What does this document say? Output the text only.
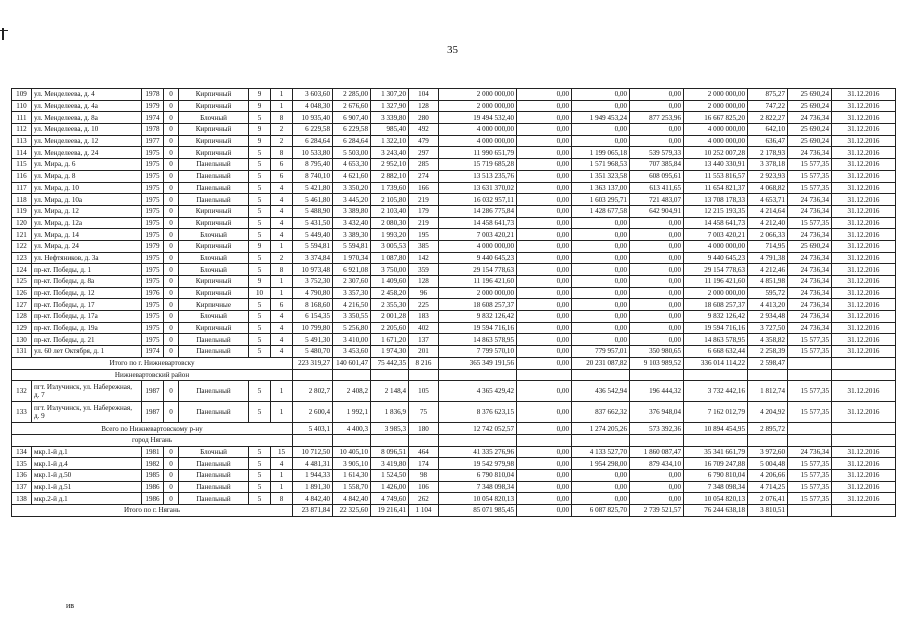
35
109	ул. Менделеева, д. 4	1978	0	Кирпичный	9	1	3 603,60	2 285,00	1 307,20	104	2 000 000,00	0,00	0,00	0,00	2 000 000,00	875,27	25 690,24	31.12.2016
110	ул. Менделеева, д. 4а	1979	0	Кирпичный	9	1	4 048,30	2 676,60	1 327,90	128	2 000 000,00	0,00	0,00	0,00	2 000 000,00	747,22	25 690,24	31.12.2016
111	ул. Менделеева, д. 8а	1974	0	Блочный	5	8	10 935,40	6 907,40	3 339,80	280	19 494 532,40	0,00	1 949 453,24	877 253,96	16 667 825,20	2 822,27	24 736,34	31.12.2016
112	ул. Менделеева, д. 10	1978	0	Кирпичный	9	2	6 229,58	6 229,58	985,40	492	4 000 000,00	0,00	0,00	0,00	4 000 000,00	642,10	25 690,24	31.12.2016
113	ул. Менделеева, д. 12	1977	0	Кирпичный	9	2	6 284,64	6 284,64	1 322,10	479	4 000 000,00	0,00	0,00	0,00	4 000 000,00	636,47	25 690,24	31.12.2016
114	ул. Менделеева, д. 24	1975	0	Кирпичный	5	8	10 533,80	5 503,00	3 243,40	297	11 990 651,79	0,00	1 199 065,18	539 579,33	10 252 007,28	2 178,93	24 736,34	31.12.2016
115	ул. Мира, д. 6	1975	0	Панельный	5	6	8 795,40	4 653,30	2 952,10	285	15 719 685,28	0,00	1 571 968,53	707 385,84	13 440 330,91	3 378,18	15 577,35	31.12.2016
116	ул. Мира, д. 8	1975	0	Панельный	5	6	8 740,10	4 621,60	2 882,10	274	13 513 235,76	0,00	1 351 323,58	608 095,61	11 553 816,57	2 923,93	15 577,35	31.12.2016
117	ул. Мира, д. 10	1975	0	Панельный	5	4	5 421,80	3 350,20	1 739,60	166	13 631 370,02	0,00	1 363 137,00	613 411,65	11 654 821,37	4 068,82	15 577,35	31.12.2016
118	ул. Мира, д. 10а	1975	0	Панельный	5	4	5 461,80	3 445,20	2 105,80	219	16 032 957,11	0,00	1 603 295,71	721 483,07	13 708 178,33	4 653,71	24 736,34	31.12.2016
119	ул. Мира, д. 12	1975	0	Кирпичный	5	4	5 488,90	3 389,80	2 103,40	179	14 286 775,84	0,00	1 428 677,58	642 904,91	12 215 193,35	4 214,64	24 736,34	31.12.2016
120	ул. Мира, д. 12а	1975	0	Кирпичный	5	4	5 431,50	3 432,40	2 080,30	219	14 458 641,73	0,00	0,00	0,00	14 458 641,73	4 212,40	15 577,35	31.12.2016
121	ул. Мира, д. 14	1975	0	Блочный	5	4	5 449,40	3 389,30	1 993,20	195	7 003 420,21	0,00	0,00	0,00	7 003 420,21	2 066,33	24 736,34	31.12.2016
122	ул. Мира, д. 24	1979	0	Кирпичный	9	1	5 594,81	5 594,81	3 005,53	385	4 000 000,00	0,00	0,00	0,00	4 000 000,00	714,95	25 690,24	31.12.2016
123	ул. Нефтяников, д. 3а	1975	0	Блочный	5	2	3 374,84	1 970,34	1 087,80	142	9 440 645,23	0,00	0,00	0,00	9 440 645,23	4 791,38	24 736,34	31.12.2016
124	пр-кт. Победы, д. 1	1975	0	Блочный	5	8	10 973,48	6 921,08	3 750,00	359	29 154 778,63	0,00	0,00	0,00	29 154 778,63	4 212,46	24 736,34	31.12.2016
125	пр-кт. Победы, д. 8а	1975	0	Кирпичный	9	1	3 752,30	2 307,60	1 409,60	128	11 196 421,60	0,00	0,00	0,00	11 196 421,60	4 851,98	24 736,34	31.12.2016
126	пр-кт. Победы, д. 12	1976	0	Кирпичный	10	1	4 790,80	3 357,30	2 458,20	96	2 000 000,00	0,00	0,00	0,00	2 000 000,00	595,72	24 736,34	31.12.2016
127	пр-кт. Победы, д. 17	1975	0	Кирпичные	5	6	8 168,60	4 216,50	2 355,30	225	18 608 257,37	0,00	0,00	0,00	18 608 257,37	4 413,20	24 736,34	31.12.2016
128	пр-кт. Победы, д. 17а	1975	0	Блочный	5	4	6 154,35	3 350,55	2 001,28	183	9 832 126,42	0,00	0,00	0,00	9 832 126,42	2 934,48	24 736,34	31.12.2016
129	пр-кт. Победы, д. 19а	1975	0	Кирпичный	5	4	10 799,80	5 256,80	2 205,60	402	19 594 716,16	0,00	0,00	0,00	19 594 716,16	3 727,50	24 736,34	31.12.2016
130	пр-кт. Победы, д. 21	1975	0	Панельный	5	4	5 491,30	3 410,00	1 671,20	137	14 863 578,95	0,00	0,00	0,00	14 863 578,95	4 358,82	15 577,35	31.12.2016
131	ул. 60 лет Октября, д. 1	1974	0	Панельный	5	4	5 480,70	3 453,60	1 974,30	201	7 799 570,10	0,00	779 957,01	350 980,65	6 668 632,44	2 258,39	15 577,35	31.12.2016
Итого по г. Нижневартовску							223 319,27	140 601,47	75 442,35	8 216	365 349 191,56	0,00	20 231 087,82	9 103 989,52	336 014 114,22	2 598,47		
Нижневартовский район																		
132	пгт. Излучинск, ул. Набережная, д. 7	1987	0	Панельный	5	1	2 802,7	2 408,2	2 148,4	105	4 365 429,42	0,00	436 542,94	196 444,32	3 732 442,16	1 812,74	15 577,35	31.12.2016
133	пгт. Излучинск, ул. Набережная, д. 9	1987	0	Панельный	5	1	2 600,4	1 992,1	1 836,9	75	8 376 623,15	0,00	837 662,32	376 948,04	7 162 012,79	4 204,92	15 577,35	31.12.2016
Всего по Нижневартовскому р-ну							5 403,1	4 400,3	3 985,3	180	12 742 052,57	0,00	1 274 205,26	573 392,36	10 894 454,95	2 895,72		
город Нягань																		
134	мкр.1-й д.1	1981	0	Блочный	5	15	10 712,50	10 405,10	8 096,51	464	41 335 276,96	0,00	4 133 527,70	1 860 087,47	35 341 661,79	3 972,60	24 736,34	31.12.2016
135	мкр.1-й д.4	1982	0	Панельный	5	4	4 481,31	3 905,10	3 419,80	174	19 542 979,98	0,00	1 954 298,00	879 434,10	16 709 247,88	5 004,48	15 577,35	31.12.2016
136	мкр.1-й д.50	1985	0	Панельный	5	1	1 944,33	1 614,30	1 524,50	98	6 790 810,04	0,00	0,00	0,00	6 790 810,04	4 206,66	15 577,35	31.12.2016
137	мкр.1-й д.51	1986	0	Панельный	5	1	1 891,30	1 558,70	1 426,00	106	7 348 098,34	0,00	0,00	0,00	7 348 098,34	4 714,25	15 577,35	31.12.2016
138	мкр.2-й д.1	1986	0	Панельный	5	8	4 842,40	4 842,40	4 749,60	262	10 054 820,13	0,00	0,00	0,00	10 054 820,13	2 076,41	15 577,35	31.12.2016
Итого по г. Нягань							23 871,84	22 325,60	19 216,41	1 104	85 071 985,45	0,00	6 087 825,70	2 739 521,57	76 244 638,18	3 810,51		
ив
